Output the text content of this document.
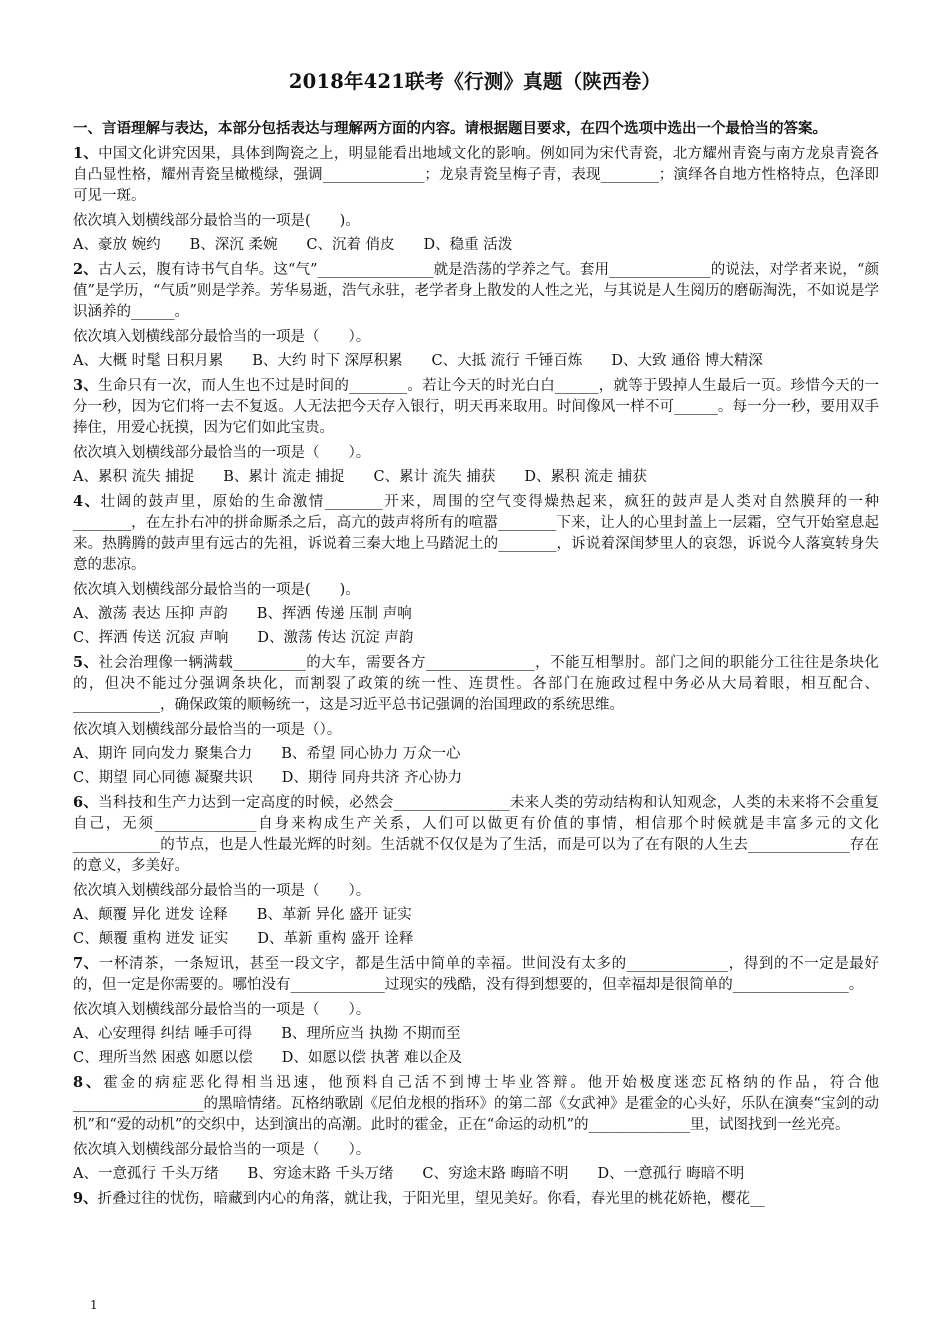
2018年421联考《行测》真题（陕西卷）
一、言语理解与表达，本部分包括表达与理解两方面的内容。请根据题目要求，在四个选项中选出一个最恰当的答案。
1、中国文化讲究因果，具体到陶瓷之上，明显能看出地域文化的影响。例如同为宋代青瓷，北方耀州青瓷与南方龙泉青瓷各自凸显性格，耀州青瓷呈橄榄绿，强调______________；龙泉青瓷呈梅子青，表现________；演绎各自地方性格特点，色泽即可见一斑。
依次填入划横线部分最恰当的一项是(　　)。
A、豪放 婉约　　B、深沉 柔婉　　C、沉着 俏皮　　D、稳重 活泼
2、古人云，腹有诗书气自华。这“气”________________就是浩荡的学养之气。套用______________的说法，对学者来说，“颜值”是学历，“气质”则是学养。芳华易逝，浩气永驻，老学者身上散发的人性之光，与其说是人生阅历的磨砺淘洗，不如说是学识涵养的______。
依次填入划横线部分最恰当的一项是（　　）。
A、大概 时髦 日积月累　　B、大约 时下 深厚积累　　C、大抵 流行 千锤百炼　　D、大致 通俗 博大精深
3、生命只有一次，而人生也不过是时间的________。若让今天的时光白白______，就等于毁掉人生最后一页。珍惜今天的一分一秒，因为它们将一去不复返。人无法把今天存入银行，明天再来取用。时间像风一样不可______。每一分一秒，要用双手捧住，用爱心抚摸，因为它们如此宝贵。
依次填入划横线部分最恰当的一项是（　　）。
A、累积 流失 捕捉　　B、累计 流走 捕捉　　C、累计 流失 捕获　　D、累积 流走 捕获
4、壮阔的鼓声里，原始的生命激情________开来，周围的空气变得燥热起来，疯狂的鼓声是人类对自然膜拜的一种________，在左扑右冲的拼命厮杀之后，高亢的鼓声将所有的喧嚣________下来，让人的心里封盖上一层霜，空气开始窒息起来。热腾腾的鼓声里有远古的先祖，诉说着三秦大地上马踏泥土的________，诉说着深闺梦里人的哀怨，诉说今人落寞转身失意的悲凉。
依次填入划横线部分最恰当的一项是(　　)。
A、激荡 表达 压抑 声韵　　B、挥洒 传递 压制 声响
C、挥洒 传送 沉寂 声响　　D、激荡 传达 沉淀 声韵
5、社会治理像一辆满载__________的大车，需要各方_______________，不能互相掣肘。部门之间的职能分工往往是条块化的，但决不能过分强调条块化，而割裂了政策的统一性、连贯性。各部门在施政过程中务必从大局着眼，相互配合、____________，确保政策的顺畅统一，这是习近平总书记强调的治国理政的系统思维。
依次填入划横线部分最恰当的一项是（）。
A、期许 同向发力 聚集合力　　B、希望 同心协力 万众一心
C、期望 同心同德 凝聚共识　　D、期待 同舟共济 齐心协力
6、当科技和生产力达到一定高度的时候，必然会________________未来人类的劳动结构和认知观念，人类的未来将不会重复自己，无须______________自身来构成生产关系，人们可以做更有价值的事情，相信那个时候就是丰富多元的文化____________的节点，也是人性最光辉的时刻。生活就不仅仅是为了生活，而是可以为了在有限的人生去______________存在的意义，多美好。
依次填入划横线部分最恰当的一项是（　　）。
A、颠覆 异化 迸发 诠释　　B、革新 异化 盛开 证实
C、颠覆 重构 迸发 证实　　D、革新 重构 盛开 诠释
7、一杯清茶，一条短讯，甚至一段文字，都是生活中简单的幸福。世间没有太多的______________，得到的不一定是最好的，但一定是你需要的。哪怕没有_____________过现实的残酷，没有得到想要的，但幸福却是很简单的________________。
依次填入划横线部分最恰当的一项是（　　）。
A、心安理得 纠结 唾手可得　　B、理所应当 执拗 不期而至
C、理所当然 困惑 如愿以偿　　D、如愿以偿 执著 难以企及
8、霍金的病症恶化得相当迅速，他预料自己活不到博士毕业答辩。他开始极度迷恋瓦格纳的作品，符合他__________________的黑暗情绪。瓦格纳歌剧《尼伯龙根的指环》的第二部《女武神》是霍金的心头好，乐队在演奏“宝剑的动机”和“爱的动机”的交织中，达到演出的高潮。此时的霍金，正在“命运的动机”的______________里，试图找到一丝光亮。
依次填入划横线部分最恰当的一项是（　　）。
A、一意孤行 千头万绪　　B、穷途末路 千头万绪　　C、穷途末路 晦暗不明　　D、一意孤行 晦暗不明
9、折叠过往的忧伤，暗藏到内心的角落，就让我，于阳光里，望见美好。你看，春光里的桃花娇艳，樱花__
1
